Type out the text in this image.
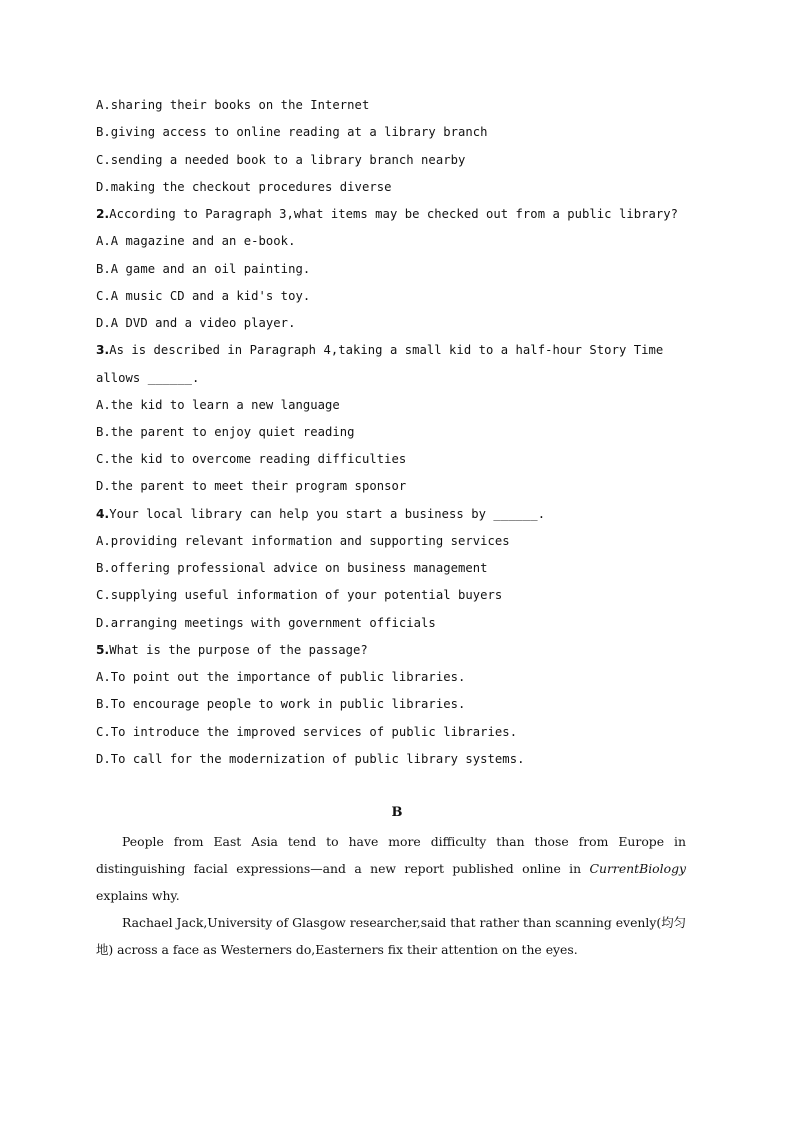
A.sharing their books on the Internet
B.giving access to online reading at a library branch
C.sending a needed book to a library branch nearby
D.making the checkout procedures diverse
2.According to Paragraph 3,what items may be checked out from a public library?
A.A magazine and an e-book.
B.A game and an oil painting.
C.A music CD and a kid's toy.
D.A DVD and a video player.
3.As is described in Paragraph 4,taking a small kid to a half-hour Story Time
allows ______.
A.the kid to learn a new language
B.the parent to enjoy quiet reading
C.the kid to overcome reading difficulties
D.the parent to meet their program sponsor
4.Your local library can help you start a business by ______.
A.providing relevant information and supporting services
B.offering professional advice on business management
C.supplying useful information of your potential buyers
D.arranging meetings with government officials
5.What is the purpose of the passage?
A.To point out the importance of public libraries.
B.To encourage people to work in public libraries.
C.To introduce the improved services of public libraries.
D.To call for the modernization of public library systems.
B
People from East Asia tend to have more difficulty than those from Europe in distinguishing facial expressions—and a new report published online in CurrentBiology explains why.
Rachael Jack,University of Glasgow researcher,said that rather than scanning evenly(均匀地) across a face as Westerners do,Easterners fix their attention on the eyes.
